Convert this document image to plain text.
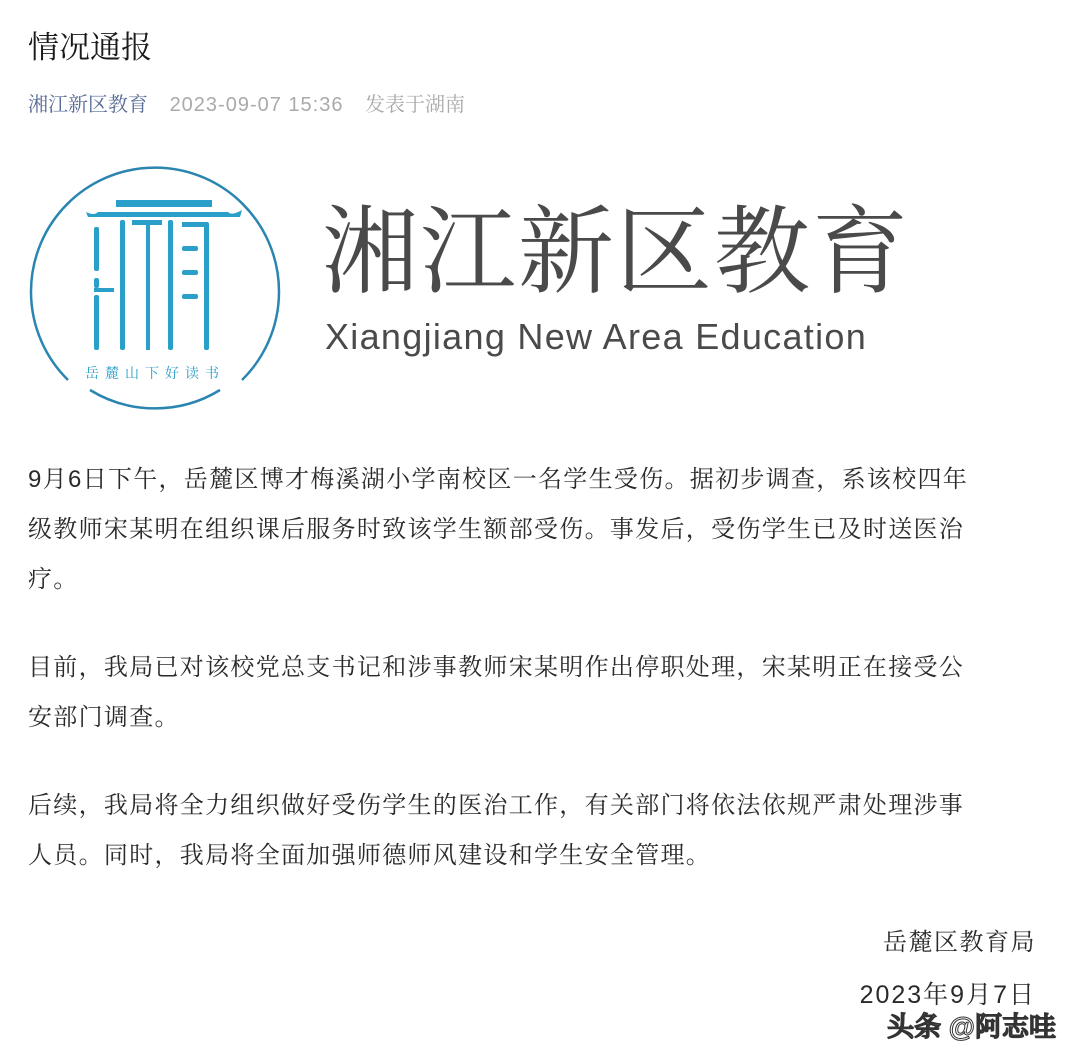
情况通报
湘江新区教育 2023-09-07 15:36 发表于湖南
岳麓山下好读书
湘江新区教育
Xiangjiang New Area Education
9月6日下午，岳麓区博才梅溪湖小学南校区一名学生受伤。据初步调查，系该校四年
级教师宋某明在组织课后服务时致该学生额部受伤。事发后，受伤学生已及时送医治
疗。
目前，我局已对该校党总支书记和涉事教师宋某明作出停职处理，宋某明正在接受公
安部门调查。
后续，我局将全力组织做好受伤学生的医治工作，有关部门将依法依规严肃处理涉事
人员。同时，我局将全面加强师德师风建设和学生安全管理。
岳麓区教育局
2023年9月7日
头条 @阿志哇
